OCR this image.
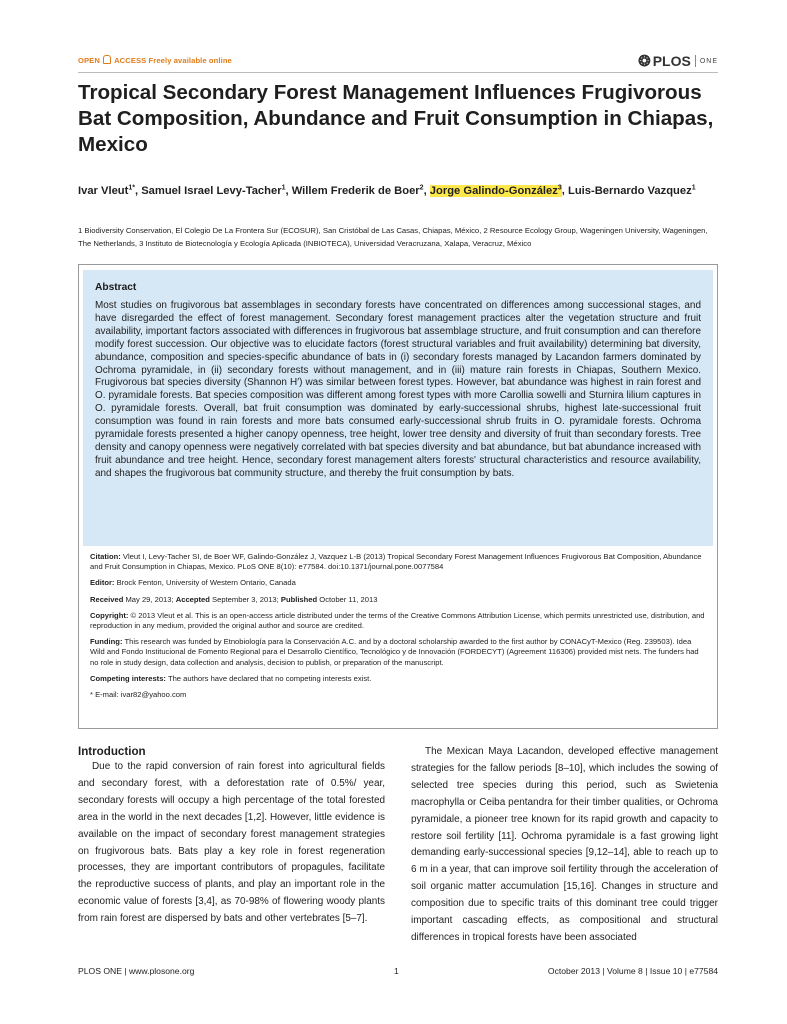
OPEN ACCESS Freely available online	❂ PLOS ONE
Tropical Secondary Forest Management Influences Frugivorous Bat Composition, Abundance and Fruit Consumption in Chiapas, Mexico

Ivar Vleut$^{1*}$, Samuel Israel Levy-Tacher$^1$, Willem Frederik de Boer$^2$, Jorge Galindo-González$^3$, Luis-Bernardo Vazquez$^1$

1 Biodiversity Conservation, El Colegio De La Frontera Sur (ECOSUR), San Cristóbal de Las Casas, Chiapas, México, 2 Resource Ecology Group, Wageningen University, Wageningen, The Netherlands, 3 Instituto de Biotecnología y Ecología Aplicada (INBIOTECA), Universidad Veracruzana, Xalapa, Veracruz, México

Abstract

Most studies on frugivorous bat assemblages in secondary forests have concentrated on differences among successional stages, and have disregarded the effect of forest management. Secondary forest management practices alter the vegetation structure and fruit availability, important factors associated with differences in frugivorous bat assemblage structure, and fruit consumption and can therefore modify forest succession. Our objective was to elucidate factors (forest structural variables and fruit availability) determining bat diversity, abundance, composition and species-specific abundance of bats in (i) secondary forests managed by Lacandon farmers dominated by Ochroma pyramidale, in (ii) secondary forests without management, and in (iii) mature rain forests in Chiapas, Southern Mexico. Frugivorous bat species diversity (Shannon H′) was similar between forest types. However, bat abundance was highest in rain forest and O. pyramidale forests. Bat species composition was different among forest types with more Carollia sowelli and Sturnira lilium captures in O. pyramidale forests. Overall, bat fruit consumption was dominated by early-successional shrubs, highest late-successional fruit consumption was found in rain forests and more bats consumed early-successional shrub fruits in O. pyramidale forests. Ochroma pyramidale forests presented a higher canopy openness, tree height, lower tree density and diversity of fruit than secondary forests. Tree density and canopy openness were negatively correlated with bat species diversity and bat abundance, but bat abundance increased with fruit abundance and tree height. Hence, secondary forest management alters forests' structural characteristics and resource availability, and shapes the frugivorous bat community structure, and thereby the fruit consumption by bats.

Citation: Vleut I, Levy-Tacher SI, de Boer WF, Galindo-González J, Vazquez L-B (2013) Tropical Secondary Forest Management Influences Frugivorous Bat Composition, Abundance and Fruit Consumption in Chiapas, Mexico. PLoS ONE 8(10): e77584. doi:10.1371/journal.pone.0077584

Editor: Brock Fenton, University of Western Ontario, Canada

Received May 29, 2013; Accepted September 3, 2013; Published October 11, 2013

Copyright: © 2013 Vleut et al. This is an open-access article distributed under the terms of the Creative Commons Attribution License, which permits unrestricted use, distribution, and reproduction in any medium, provided the original author and source are credited.

Funding: This research was funded by Etnobiología para la Conservación A.C. and by a doctoral scholarship awarded to the first author by CONACyT-Mexico (Reg. 239503). Idea Wild and Fondo Institucional de Fomento Regional para el Desarrollo Científico, Tecnológico y de Innovación (FORDECYT) (Agreement 116306) provided mist nets. The funders had no role in study design, data collection and analysis, decision to publish, or preparation of the manuscript.

Competing interests: The authors have declared that no competing interests exist.

* E-mail: ivar82@yahoo.com

Introduction

Due to the rapid conversion of rain forest into agricultural fields and secondary forest, with a deforestation rate of 0.5%/ year, secondary forests will occupy a high percentage of the total forested area in the world in the next decades [1,2]. However, little evidence is available on the impact of secondary forest management strategies on frugivorous bats. Bats play a key role in forest regeneration processes, they are important contributors of propagules, facilitate the reproductive success of plants, and play an important role in the economic value of forests [3,4], as 70-98% of flowering woody plants from rain forest are dispersed by bats and other vertebrates [5–7].

The Mexican Maya Lacandon, developed effective management strategies for the fallow periods [8–10], which includes the sowing of selected tree species during this period, such as Swietenia macrophylla or Ceiba pentandra for their timber qualities, or Ochroma pyramidale, a pioneer tree known for its rapid growth and capacity to restore soil fertility [11]. Ochroma pyramidale is a fast growing light demanding early-successional species [9,12–14], able to reach up to 6 m in a year, that can improve soil fertility through the acceleration of soil organic matter accumulation [15,16]. Changes in structure and composition due to specific traits of this dominant tree could trigger important cascading effects, as compositional and structural differences in tropical forests have been associated

PLOS ONE | www.plosone.org	1	October 2013 | Volume 8 | Issue 10 | e77584
